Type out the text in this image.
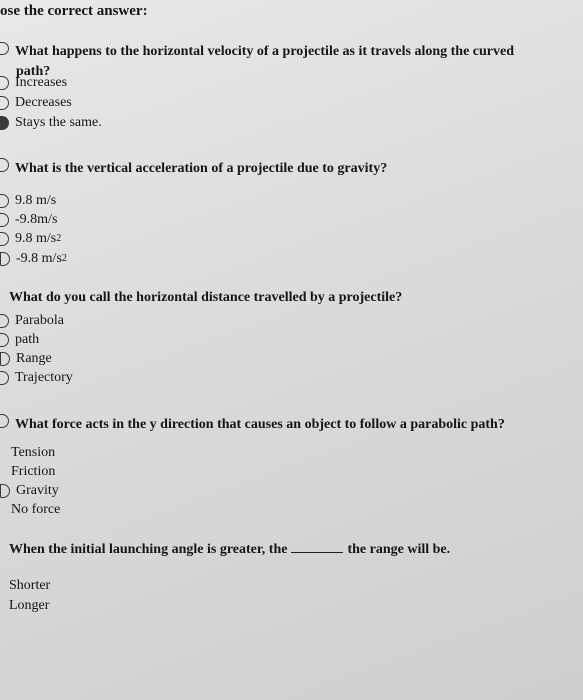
ose the correct answer:
What happens to the horizontal velocity of a projectile as it travels along the curved
path?
Increases
Decreases
Stays the same.
What is the vertical acceleration of a projectile due to gravity?
9.8 m/s
-9.8m/s
9.8 m/s 2
-9.8 m/s 2
What do you call the horizontal distance travelled by a projectile?
Parabola
path
Range
Trajectory
What force acts in the y direction that causes an object to follow a parabolic path?
Tension
Friction
Gravity
No force
When the initial launching angle is greater, the	the range will be.
Shorter
Longer
